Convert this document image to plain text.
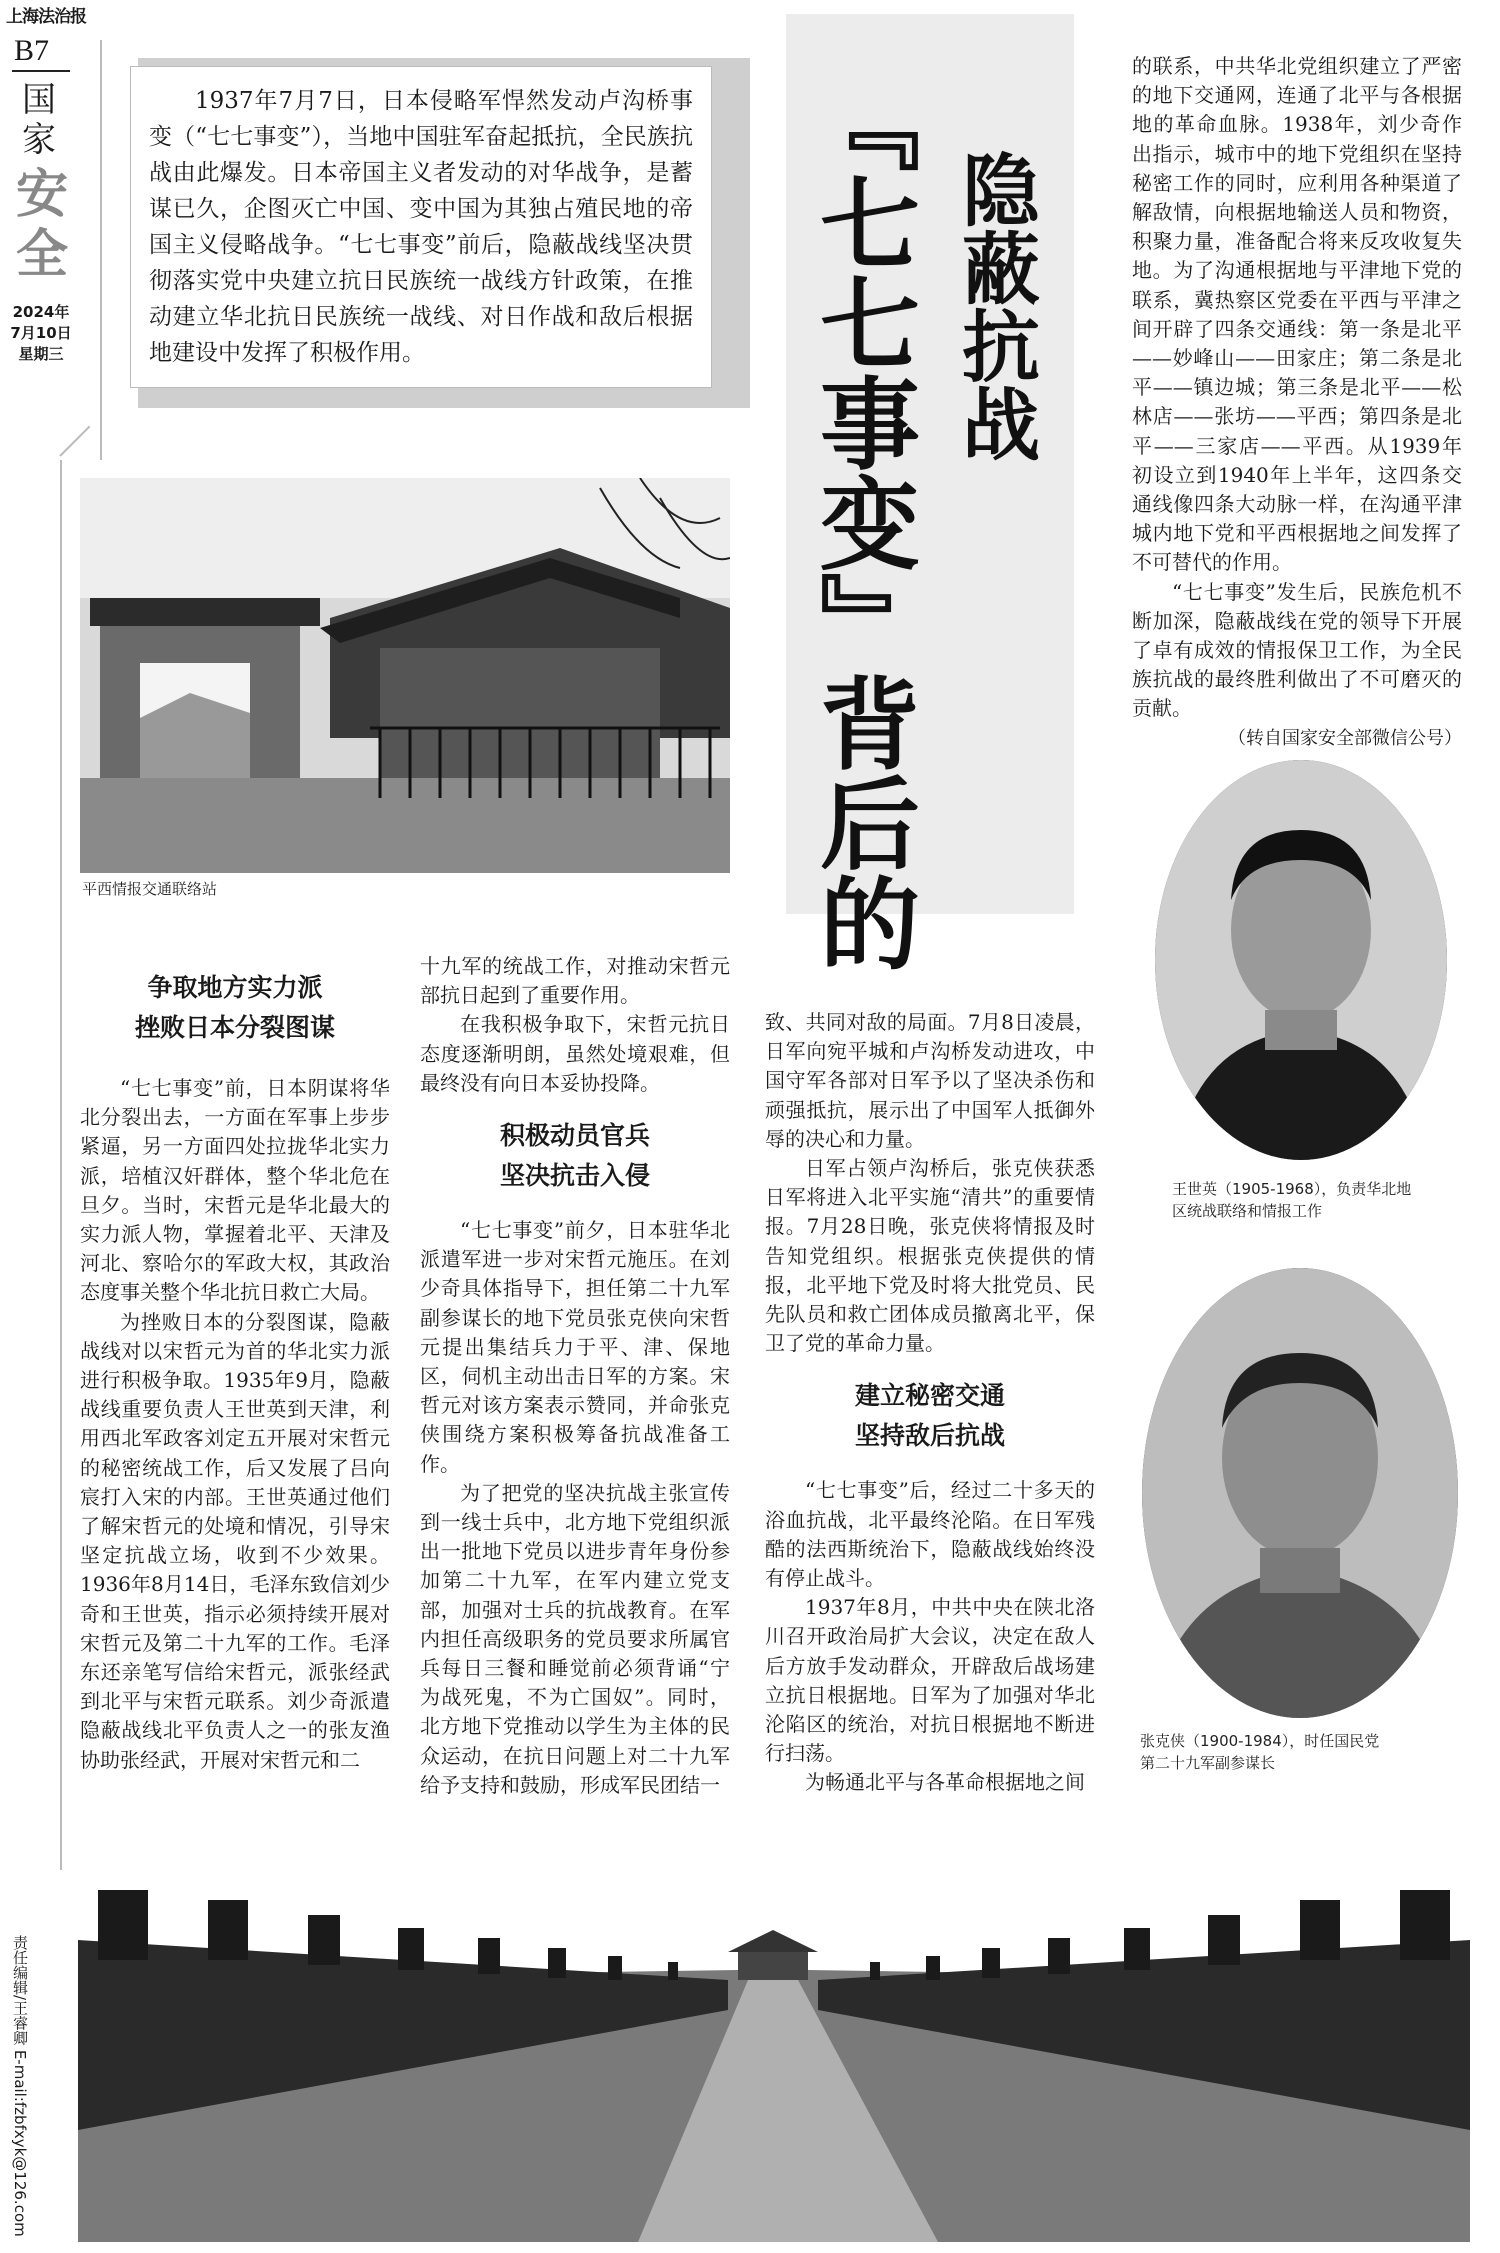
上海法治报
B7
国家
安全
2024年
7月10日
星期三
责任编辑/王睿卿 E-mail:fzbfxyk@126.com
1937年7月7日，日本侵略军悍然发动卢沟桥事变（“七七事变”），当地中国驻军奋起抵抗，全民族抗战由此爆发。日本帝国主义者发动的对华战争，是蓄谋已久，企图灭亡中国、变中国为其独占殖民地的帝国主义侵略战争。“七七事变”前后，隐蔽战线坚决贯彻落实党中央建立抗日民族统一战线方针政策，在推动建立华北抗日民族统一战线、对日作战和敌后根据地建设中发挥了积极作用。	『七七事变』背后的 隐蔽抗战
平西情报交通联络站
王世英（1905-1968），负责华北地
区统战联络和情报工作
张克侠（1900-1984），时任国民党
第二十九军副参谋长
争取地方实力派
挫败日本分裂图谋

“七七事变”前，日本阴谋将华北分裂出去，一方面在军事上步步紧逼，另一方面四处拉拢华北实力派，培植汉奸群体，整个华北危在旦夕。当时，宋哲元是华北最大的实力派人物，掌握着北平、天津及河北、察哈尔的军政大权，其政治态度事关整个华北抗日救亡大局。

为挫败日本的分裂图谋，隐蔽战线对以宋哲元为首的华北实力派进行积极争取。1935年9月，隐蔽战线重要负责人王世英到天津，利用西北军政客刘定五开展对宋哲元的秘密统战工作，后又发展了吕向宸打入宋的内部。王世英通过他们了解宋哲元的处境和情况，引导宋坚定抗战立场，收到不少效果。1936年8月14日，毛泽东致信刘少奇和王世英，指示必须持续开展对宋哲元及第二十九军的工作。毛泽东还亲笔写信给宋哲元，派张经武到北平与宋哲元联系。刘少奇派遣隐蔽战线北平负责人之一的张友渔协助张经武，开展对宋哲元和二

十九军的统战工作，对推动宋哲元部抗日起到了重要作用。

在我积极争取下，宋哲元抗日态度逐渐明朗，虽然处境艰难，但最终没有向日本妥协投降。

积极动员官兵
坚决抗击入侵

“七七事变”前夕，日本驻华北派遣军进一步对宋哲元施压。在刘少奇具体指导下，担任第二十九军副参谋长的地下党员张克侠向宋哲元提出集结兵力于平、津、保地区，伺机主动出击日军的方案。宋哲元对该方案表示赞同，并命张克侠围绕方案积极筹备抗战准备工作。

为了把党的坚决抗战主张宣传到一线士兵中，北方地下党组织派出一批地下党员以进步青年身份参加第二十九军，在军内建立党支部，加强对士兵的抗战教育。在军内担任高级职务的党员要求所属官兵每日三餐和睡觉前必须背诵“宁为战死鬼，不为亡国奴”。同时，北方地下党推动以学生为主体的民众运动，在抗日问题上对二十九军给予支持和鼓励，形成军民团结一

致、共同对敌的局面。7月8日凌晨，日军向宛平城和卢沟桥发动进攻，中国守军各部对日军予以了坚决杀伤和顽强抵抗，展示出了中国军人抵御外辱的决心和力量。

日军占领卢沟桥后，张克侠获悉日军将进入北平实施“清共”的重要情报。7月28日晚，张克侠将情报及时告知党组织。根据张克侠提供的情报，北平地下党及时将大批党员、民先队员和救亡团体成员撤离北平，保卫了党的革命力量。

建立秘密交通
坚持敌后抗战

“七七事变”后，经过二十多天的浴血抗战，北平最终沦陷。在日军残酷的法西斯统治下，隐蔽战线始终没有停止战斗。

1937年8月，中共中央在陕北洛川召开政治局扩大会议，决定在敌人后方放手发动群众，开辟敌后战场建立抗日根据地。日军为了加强对华北沦陷区的统治，对抗日根据地不断进行扫荡。

为畅通北平与各革命根据地之间

的联系，中共华北党组织建立了严密的地下交通网，连通了北平与各根据地的革命血脉。1938年，刘少奇作出指示，城市中的地下党组织在坚持秘密工作的同时，应利用各种渠道了解敌情，向根据地输送人员和物资，积聚力量，准备配合将来反攻收复失地。为了沟通根据地与平津地下党的联系，冀热察区党委在平西与平津之间开辟了四条交通线：第一条是北平——妙峰山——田家庄；第二条是北平——镇边城；第三条是北平——松林店——张坊——平西；第四条是北平——三家店——平西。从1939年初设立到1940年上半年，这四条交通线像四条大动脉一样，在沟通平津城内地下党和平西根据地之间发挥了不可替代的作用。

“七七事变”发生后，民族危机不断加深，隐蔽战线在党的领导下开展了卓有成效的情报保卫工作，为全民族抗战的最终胜利做出了不可磨灭的贡献。

（转自国家安全部微信公号）
